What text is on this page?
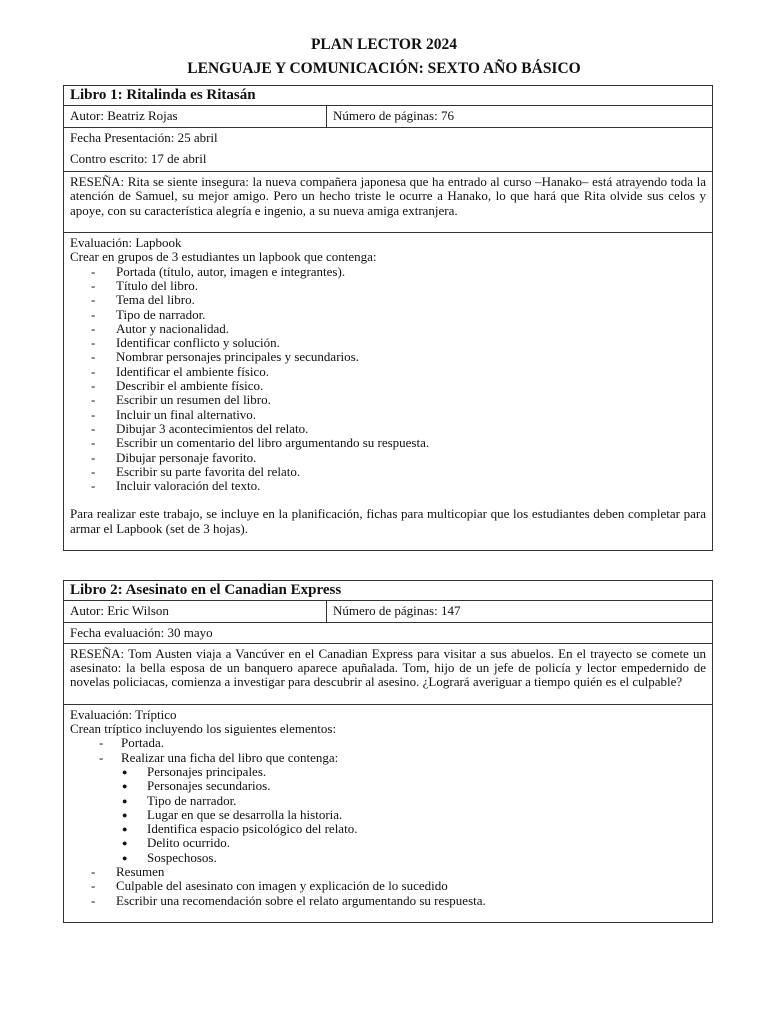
PLAN LECTOR 2024
LENGUAJE Y COMUNICACIÓN: SEXTO AÑO BÁSICO
Libro 1: Ritalinda es Ritasán
Autor: Beatriz Rojas	Número de páginas: 76

Fecha Presentación: 25 abril
Contro escrito: 17 de abril

RESEÑA: Rita se siente insegura: la nueva compañera japonesa que ha entrado al curso –Hanako– está atrayendo toda la atención de Samuel, su mejor amigo. Pero un hecho triste le ocurre a Hanako, lo que hará que Rita olvide sus celos y apoye, con su característica alegría e ingenio, a su nueva amiga extranjera.

Evaluación: Lapbook
Crear en grupos de 3 estudiantes un lapbook que contenga:
- Portada (título, autor, imagen e integrantes).
- Título del libro.
- Tema del libro.
- Tipo de narrador.
- Autor y nacionalidad.
- Identificar conflicto y solución.
- Nombrar personajes principales y secundarios.
- Identificar el ambiente físico.
- Describir el ambiente físico.
- Escribir un resumen del libro.
- Incluir un final alternativo.
- Dibujar 3 acontecimientos del relato.
- Escribir un comentario del libro argumentando su respuesta.
- Dibujar personaje favorito.
- Escribir su parte favorita del relato.
- Incluir valoración del texto.
Para realizar este trabajo, se incluye en la planificación, fichas para multicopiar que los estudiantes deben completar para armar el Lapbook (set de 3 hojas).
Libro 2: Asesinato en el Canadian Express
Autor: Eric Wilson	Número de páginas: 147
Fecha evaluación: 30 mayo
RESEÑA: Tom Austen viaja a Vancúver en el Canadian Express para visitar a sus abuelos. En el trayecto se comete un asesinato: la bella esposa de un banquero aparece apuñalada. Tom, hijo de un jefe de policía y lector empedernido de novelas policiacas, comienza a investigar para descubrir al asesino. ¿Logrará averiguar a tiempo quién es el culpable?

Evaluación: Tríptico
Crean tríptico incluyendo los siguientes elementos:
- Portada.
- Realizar una ficha del libro que contenga:
● Personajes principales.
● Personajes secundarios.
● Tipo de narrador.
● Lugar en que se desarrolla la historia.
● Identifica espacio psicológico del relato.
● Delito ocurrido.
● Sospechosos.
- Resumen
- Culpable del asesinato con imagen y explicación de lo sucedido
- Escribir una recomendación sobre el relato argumentando su respuesta.
